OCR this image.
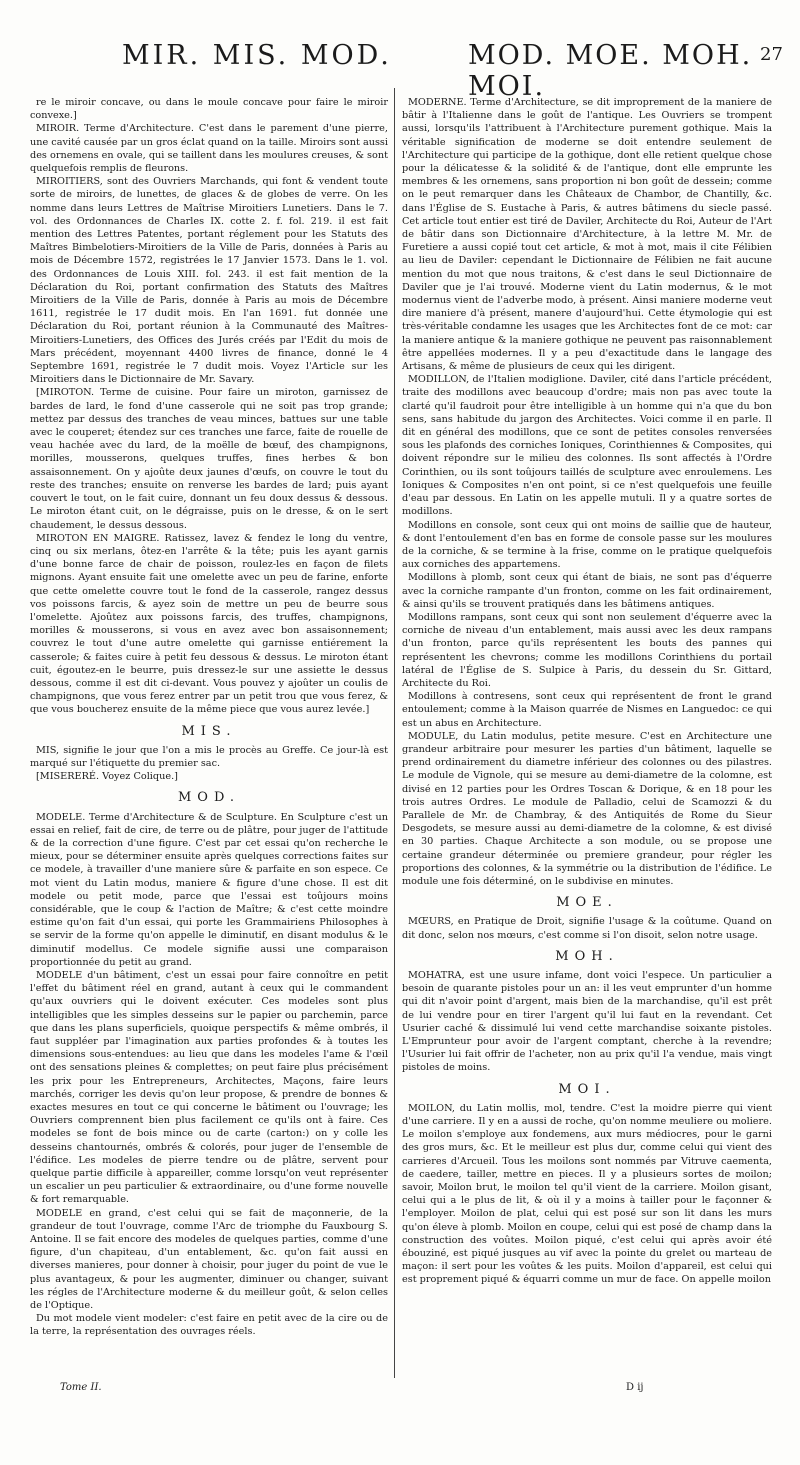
MIR. MIS. MOD.	MOD. MOE. MOH. MOI.
27

re le miroir concave, ou dans le moule concave pour faire le miroir convexe.]

MIROIR. Terme d'Architecture. C'est dans le parement d'une pierre, une cavité causée par un gros éclat quand on la taille. Miroirs sont aussi des ornemens en ovale, qui se taillent dans les moulures creuses, & sont quelquefois remplis de fleurons.

MIROITIERS, sont des Ouvriers Marchands, qui font & vendent toute sorte de miroirs, de lunettes, de glaces & de globes de verre. On les nomme dans leurs Lettres de Maîtrise Miroitiers Lunetiers. Dans le 7. vol. des Ordonnances de Charles IX. cotte 2. f. fol. 219. il est fait mention des Lettres Patentes, portant réglement pour les Statuts des Maîtres Bimbelotiers-Miroitiers de la Ville de Paris, données à Paris au mois de Décembre 1572, registrées le 17 Janvier 1573. Dans le 1. vol. des Ordonnances de Louis XIII. fol. 243. il est fait mention de la Déclaration du Roi, portant confirmation des Statuts des Maîtres Miroitiers de la Ville de Paris, donnée à Paris au mois de Décembre 1611, registrée le 17 dudit mois. En l'an 1691. fut donnée une Déclaration du Roi, portant réunion à la Communauté des Maîtres-Miroitiers-Lunetiers, des Offices des Jurés créés par l'Edit du mois de Mars précédent, moyennant 4400 livres de finance, donné le 4 Septembre 1691, registrée le 7 dudit mois. Voyez l'Article sur les Miroitiers dans le Dictionnaire de Mr. Savary.

[MIROTON. Terme de cuisine. Pour faire un miroton, garnissez de bardes de lard, le fond d'une casserole qui ne soit pas trop grande; mettez par dessus des tranches de veau minces, battues sur une table avec le couperet; étendez sur ces tranches une farce, faite de rouelle de veau hachée avec du lard, de la moëlle de bœuf, des champignons, morilles, mousserons, quelques truffes, fines herbes & bon assaisonnement. On y ajoûte deux jaunes d'œufs, on couvre le tout du reste des tranches; ensuite on renverse les bardes de lard; puis ayant couvert le tout, on le fait cuire, donnant un feu doux dessus & dessous. Le miroton étant cuit, on le dégraisse, puis on le dresse, & on le sert chaudement, le dessus dessous.

MIROTON EN MAIGRE. Ratissez, lavez & fendez le long du ventre, cinq ou six merlans, ôtez-en l'arrête & la tête; puis les ayant garnis d'une bonne farce de chair de poisson, roulez-les en façon de filets mignons. Ayant ensuite fait une omelette avec un peu de farine, enforte que cette omelette couvre tout le fond de la casserole, rangez dessus vos poissons farcis, & ayez soin de mettre un peu de beurre sous l'omelette. Ajoûtez aux poissons farcis, des truffes, champignons, morilles & mousserons, si vous en avez avec bon assaisonnement; couvrez le tout d'une autre omelette qui garnisse entiérement la casserole; & faites cuire à petit feu dessous & dessus. Le miroton étant cuit, égoutez-en le beurre, puis dressez-le sur une assiette le dessus dessous, comme il est dit ci-devant. Vous pouvez y ajoûter un coulis de champignons, que vous ferez entrer par un petit trou que vous ferez, & que vous boucherez ensuite de la même piece que vous aurez levée.]

MIS.

MIS, signifie le jour que l'on a mis le procès au Greffe. Ce jour-là est marqué sur l'étiquette du premier sac.

[MISERERÉ. Voyez Colique.]

MOD.

MODELE. Terme d'Architecture & de Sculpture. En Sculpture c'est un essai en relief, fait de cire, de terre ou de plâtre, pour juger de l'attitude & de la correction d'une figure. C'est par cet essai qu'on recherche le mieux, pour se déterminer ensuite après quelques corrections faites sur ce modele, à travailler d'une maniere sûre & parfaite en son espece. Ce mot vient du Latin modus, maniere & figure d'une chose. Il est dit modele ou petit mode, parce que l'essai est toûjours moins considérable, que le coup & l'action de Maître; & c'est cette moindre estime qu'on fait d'un essai, qui porte les Grammairiens Philosophes à se servir de la forme qu'on appelle le diminutif, en disant modulus & le diminutif modellus. Ce modele signifie aussi une comparaison proportionnée du petit au grand.

MODELE d'un bâtiment, c'est un essai pour faire connoître en petit l'effet du bâtiment réel en grand, autant à ceux qui le commandent qu'aux ouvriers qui le doivent exécuter. Ces modeles sont plus intelligibles que les simples desseins sur le papier ou parchemin, parce que dans les plans superficiels, quoique perspectifs & même ombrés, il faut suppléer par l'imagination aux parties profondes & à toutes les dimensions sous-entendues: au lieu que dans les modeles l'ame & l'œil ont des sensations pleines & complettes; on peut faire plus précisément les prix pour les Entrepreneurs, Architectes, Maçons, faire leurs marchés, corriger les devis qu'on leur propose, & prendre de bonnes & exactes mesures en tout ce qui concerne le bâtiment ou l'ouvrage; les Ouvriers comprennent bien plus facilement ce qu'ils ont à faire. Ces modeles se font de bois mince ou de carte (carton:) on y colle les desseins chantournés, ombrés & colorés, pour juger de l'ensemble de l'édifice. Les modeles de pierre tendre ou de plâtre, servent pour quelque partie difficile à appareiller, comme lorsqu'on veut représenter un escalier un peu particulier & extraordinaire, ou d'une forme nouvelle & fort remarquable.

MODELE en grand, c'est celui qui se fait de maçonnerie, de la grandeur de tout l'ouvrage, comme l'Arc de triomphe du Fauxbourg S. Antoine. Il se fait encore des modeles de quelques parties, comme d'une figure, d'un chapiteau, d'un entablement, &c. qu'on fait aussi en diverses manieres, pour donner à choisir, pour juger du point de vue le plus avantageux, & pour les augmenter, diminuer ou changer, suivant les régles de l'Architecture moderne & du meilleur goût, & selon celles de l'Optique.

Du mot modele vient modeler: c'est faire en petit avec de la cire ou de la terre, la représentation des ouvrages réels.

MODERNE. Terme d'Architecture, se dit improprement de la maniere de bâtir à l'Italienne dans le goût de l'antique. Les Ouvriers se trompent aussi, lorsqu'ils l'attribuent à l'Architecture purement gothique. Mais la véritable signification de moderne se doit entendre seulement de l'Architecture qui participe de la gothique, dont elle retient quelque chose pour la délicatesse & la solidité & de l'antique, dont elle emprunte les membres & les ornemens, sans proportion ni bon goût de dessein; comme on le peut remarquer dans les Châteaux de Chambor, de Chantilly, &c. dans l'Église de S. Eustache à Paris, & autres bâtimens du siecle passé. Cet article tout entier est tiré de Daviler, Architecte du Roi, Auteur de l'Art de bâtir dans son Dictionnaire d'Architecture, à la lettre M. Mr. de Furetiere a aussi copié tout cet article, & mot à mot, mais il cite Félibien au lieu de Daviler: cependant le Dictionnaire de Félibien ne fait aucune mention du mot que nous traitons, & c'est dans le seul Dictionnaire de Daviler que je l'ai trouvé. Moderne vient du Latin modernus, & le mot modernus vient de l'adverbe modo, à présent. Ainsi maniere moderne veut dire maniere d'à présent, manere d'aujourd'hui. Cette étymologie qui est très-véritable condamne les usages que les Architectes font de ce mot: car la maniere antique & la maniere gothique ne peuvent pas raisonnablement être appellées modernes. Il y a peu d'exactitude dans le langage des Artisans, & même de plusieurs de ceux qui les dirigent.

MODILLON, de l'Italien modiglione. Daviler, cité dans l'article précédent, traite des modillons avec beaucoup d'ordre; mais non pas avec toute la clarté qu'il faudroit pour être intelligible à un homme qui n'a que du bon sens, sans habitude du jargon des Architectes. Voici comme il en parle. Il dit en général des modillons, que ce sont de petites consoles renversées sous les plafonds des corniches Ioniques, Corinthiennes & Composites, qui doivent répondre sur le milieu des colonnes. Ils sont affectés à l'Ordre Corinthien, ou ils sont toûjours taillés de sculpture avec enroulemens. Les Ioniques & Composites n'en ont point, si ce n'est quelquefois une feuille d'eau par dessous. En Latin on les appelle mutuli. Il y a quatre sortes de modillons.

Modillons en console, sont ceux qui ont moins de saillie que de hauteur, & dont l'entoulement d'en bas en forme de console passe sur les moulures de la corniche, & se termine à la frise, comme on le pratique quelquefois aux corniches des appartemens.

Modillons à plomb, sont ceux qui étant de biais, ne sont pas d'équerre avec la corniche rampante d'un fronton, comme on les fait ordinairement, & ainsi qu'ils se trouvent pratiqués dans les bâtimens antiques.

Modillons rampans, sont ceux qui sont non seulement d'équerre avec la corniche de niveau d'un entablement, mais aussi avec les deux rampans d'un fronton, parce qu'ils représentent les bouts des pannes qui représentent les chevrons; comme les modillons Corinthiens du portail latéral de l'Église de S. Sulpice à Paris, du dessein du Sr. Gittard, Architecte du Roi.

Modillons à contresens, sont ceux qui représentent de front le grand entoulement; comme à la Maison quarrée de Nismes en Languedoc: ce qui est un abus en Architecture.

MODULE, du Latin modulus, petite mesure. C'est en Architecture une grandeur arbitraire pour mesurer les parties d'un bâtiment, laquelle se prend ordinairement du diametre inférieur des colonnes ou des pilastres. Le module de Vignole, qui se mesure au demi-diametre de la colomne, est divisé en 12 parties pour les Ordres Toscan & Dorique, & en 18 pour les trois autres Ordres. Le module de Palladio, celui de Scamozzi & du Parallele de Mr. de Chambray, & des Antiquités de Rome du Sieur Desgodets, se mesure aussi au demi-diametre de la colomne, & est divisé en 30 parties. Chaque Architecte a son module, ou se propose une certaine grandeur déterminée ou premiere grandeur, pour régler les proportions des colonnes, & la symmétrie ou la distribution de l'édifice. Le module une fois déterminé, on le subdivise en minutes.

MOE.

MŒURS, en Pratique de Droit, signifie l'usage & la coûtume. Quand on dit donc, selon nos mœurs, c'est comme si l'on disoit, selon notre usage.

MOH.

MOHATRA, est une usure infame, dont voici l'espece. Un particulier a besoin de quarante pistoles pour un an: il les veut emprunter d'un homme qui dit n'avoir point d'argent, mais bien de la marchandise, qu'il est prêt de lui vendre pour en tirer l'argent qu'il lui faut en la revendant. Cet Usurier caché & dissimulé lui vend cette marchandise soixante pistoles. L'Emprunteur pour avoir de l'argent comptant, cherche à la revendre; l'Usurier lui fait offrir de l'acheter, non au prix qu'il l'a vendue, mais vingt pistoles de moins.

MOI.

MOILON, du Latin mollis, mol, tendre. C'est la moidre pierre qui vient d'une carriere. Il y en a aussi de roche, qu'on nomme meuliere ou moliere. Le moilon s'employe aux fondemens, aux murs médiocres, pour le garni des gros murs, &c. Et le meilleur est plus dur, comme celui qui vient des carrieres d'Arcueil. Tous les moilons sont nommés par Vitruve caementa, de caedere, tailler, mettre en pieces. Il y a plusieurs sortes de moilon; savoir, Moilon brut, le moilon tel qu'il vient de la carriere. Moilon gisant, celui qui a le plus de lit, & où il y a moins à tailler pour le façonner & l'employer. Moilon de plat, celui qui est posé sur son lit dans les murs qu'on éleve à plomb. Moilon en coupe, celui qui est posé de champ dans la construction des voûtes. Moilon piqué, c'est celui qui après avoir été ébouziné, est piqué jusques au vif avec la pointe du grelet ou marteau de maçon: il sert pour les voûtes & les puits. Moilon d'appareil, est celui qui est proprement piqué & équarri comme un mur de face. On appelle moilon

Tome II.	D ij
